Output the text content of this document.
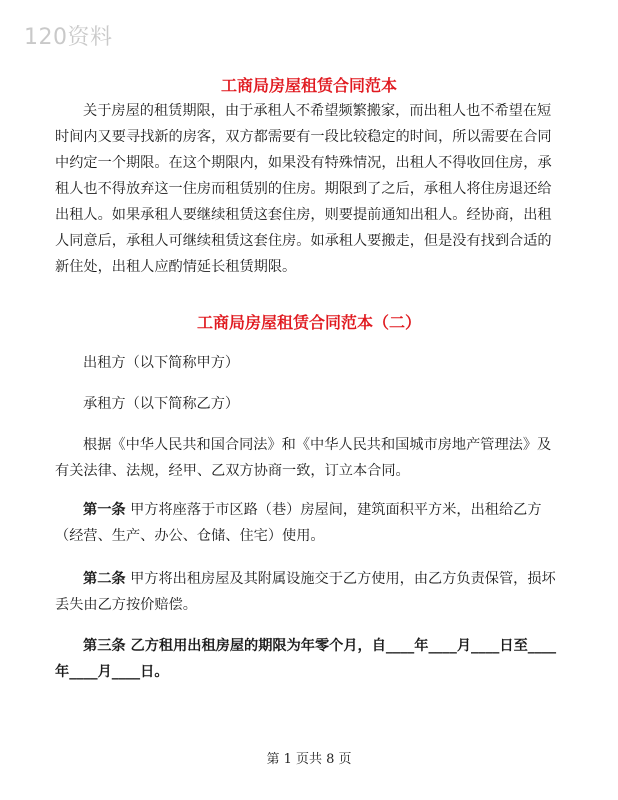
120资料
工商局房屋租赁合同范本

关于房屋的租赁期限，由于承租人不希望频繁搬家，而出租人也不希望在短时间内又要寻找新的房客，双方都需要有一段比较稳定的时间，所以需要在合同中约定一个期限。在这个期限内，如果没有特殊情况，出租人不得收回住房，承租人也不得放弃这一住房而租赁别的住房。期限到了之后，承租人将住房退还给出租人。如果承租人要继续租赁这套住房，则要提前通知出租人。经协商，出租人同意后，承租人可继续租赁这套住房。如承租人要搬走，但是没有找到合适的新住处，出租人应酌情延长租赁期限。

工商局房屋租赁合同范本（二）

出租方（以下简称甲方）

承租方（以下简称乙方）

根据《中华人民共和国合同法》和《中华人民共和国城市房地产管理法》及有关法律、法规，经甲、乙双方协商一致，订立本合同。

第一条 甲方将座落于市区路（巷）房屋间，建筑面积平方米，出租给乙方（经营、生产、办公、仓储、住宅）使用。

第二条 甲方将出租房屋及其附属设施交于乙方使用，由乙方负责保管，损坏丢失由乙方按价赔偿。

第三条 乙方租用出租房屋的期限为年零个月，自____年____月____日至____年____月____日。

第 1 页共 8 页
